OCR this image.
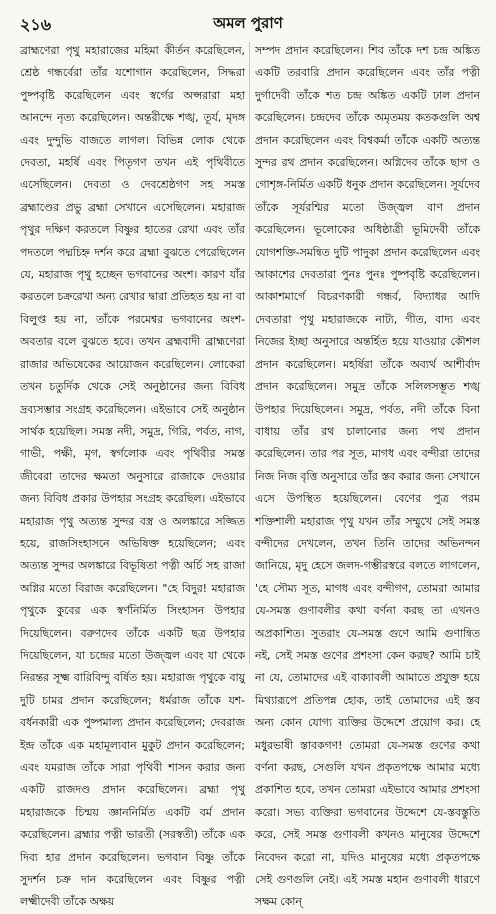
২১৬	অমল পুরাণ

ব্রাহ্মণেরা পৃথু মহারাজের মহিমা কীর্তন করেছিলেন, শ্রেষ্ঠ গন্ধর্বেরা তাঁর যশোগান করেছিলেন, সিদ্ধরা পুষ্পবৃষ্টি করেছিলেন এবং স্বর্গের অপ্সরারা মহা আনন্দে নৃত্য করেছিলেন। অন্তরীক্ষে শঙ্খ, তূর্য, মৃদঙ্গ এবং দুন্দুভি বাজতে লাগল। বিভিন্ন লোক থেকে দেবতা, মহর্ষি এবং পিতৃগণ তখন এই পৃথিবীতে এসেছিলেন। দেবতা ও দেবশ্রেষ্ঠগণ সহ সমস্ত ব্রহ্মাণ্ডের প্রভু ব্রহ্মা সেখানে এসেছিলেন। মহারাজ পৃথুর দক্ষিণ করতলে বিষ্ণুর হাতের রেখা এবং তাঁর পদতলে পদ্মচিহ্ন দর্শন করে ব্রহ্মা বুঝতে পেরেছিলেন যে, মহারাজ পৃথু হচ্ছেন ভগবানের অংশ। কারণ যাঁর করতলে চক্ররেখা অন্য রেখার দ্বারা প্রতিহত হয় না বা বিলুপ্ত হয় না, তাঁকে পরমেশ্বর ভগবানের অংশ-অবতার বলে বুঝতে হবে। তখন ব্রহ্মবাদী ব্রাহ্মণেরা রাজার অভিষেকের আয়োজন করেছিলেন। লোকেরা তখন চতুর্দিক থেকে সেই অনুষ্ঠানের জন্য বিবিধ দ্রব্যসম্ভার সংগ্রহ করেছিলেন। এইভাবে সেই অনুষ্ঠান সার্থক হয়েছিল। সমস্ত নদী, সমুদ্র, গিরি, পর্বত, নাগ, গাভী, পক্ষী, মৃগ, স্বর্গলোক এবং পৃথিবীর সমস্ত জীবেরা তাদের ক্ষমতা অনুসারে রাজাকে দেওয়ার জন্য বিবিধ প্রকার উপহার সংগ্রহ করেছিল। এইভাবে মহারাজ পৃথু অত্যন্ত সুন্দর বস্ত্র ও অলঙ্কারে সজ্জিত হয়ে, রাজসিংহাসনে অভিষিক্ত হয়েছিলেন; এবং অত্যন্ত সুন্দর অলঙ্কারে বিভূষিতা পত্নী অর্চি সহ রাজা অগ্নির মতো বিরাজ করেছিলেন। "হে বিদুর! মহারাজ পৃথুকে কুবের এক স্বর্ণনির্মিত সিংহাসন উপহার দিয়েছিলেন। বরুণদেব তাঁকে একটি ছত্র উপহার দিয়েছিলেন, যা চন্দ্রের মতো উজ্জ্বল এবং যা থেকে নিরন্তর সূক্ষ্ম বারিবিন্দু বর্ষিত হয়। মহারাজ পৃথুকে বায়ু দুটি চামর প্রদান করেছিলেন; ধর্মরাজ তাঁকে যশ-বর্ধনকারী এক পুষ্পমাল্য প্রদান করেছিলেন; দেবরাজ ইন্দ্র তাঁকে এক মহামূল্যবান মুকুট প্রদান করেছিলেন; এবং যমরাজ তাঁকে সারা পৃথিবী শাসন করার জন্য একটি রাজদণ্ড প্রদান করেছিলেন। ব্রহ্মা পৃথু মহারাজকে চিন্ময় জ্ঞাননির্মিত একটি বর্ম প্রদান করেছিলেন। ব্রহ্মার পত্নী ভারতী (সরস্বতী) তাঁকে এক দিব্য হার প্রদান করেছিলেন। ভগবান বিষ্ণু তাঁকে সুদর্শন চক্র দান করেছিলেন এবং বিষ্ণুর পত্নী লক্ষ্মীদেবী তাঁকে অক্ষয়

সম্পদ প্রদান করেছিলেন। শিব তাঁকে দশ চন্দ্র অঙ্কিত একটি তরবারি প্রদান করেছিলেন এবং তাঁর পত্নী দুর্গাদেবী তাঁকে শত চন্দ্র অঙ্কিত একটি ঢাল প্রদান করেছিলেন। চন্দ্রদেব তাঁকে অমৃতময় কতকগুলি অশ্ব প্রদান করেছিলেন এবং বিশ্বকর্মা তাঁকে একটি অত্যন্ত সুন্দর রথ প্রদান করেছিলেন। অগ্নিদেব তাঁকে ছাগ ও গোশৃঙ্গ-নির্মিত একটি ধনুক প্রদান করেছিলেন। সূর্যদেব তাঁকে সূর্যরশ্মির মতো উজ্জ্বল বাণ প্রদান করেছিলেন। ভূলোকের অধিষ্ঠাত্রী ভূমিদেবী তাঁকে যোগশক্তি-সমন্বিত দুটি পাদুকা প্রদান করেছিলেন এবং আকাশের দেবতারা পুনঃ পুনঃ পুষ্পবৃষ্টি করেছিলেন। আকাশমার্গে বিচরণকারী গন্ধর্ব, বিদ্যাধর আদি দেবতারা পৃথু মহারাজকে নাট্য, গীত, বাদ্য এবং নিজের ইচ্ছা অনুসারে অন্তর্হিত হয়ে যাওয়ার কৌশল প্রদান করেছিলেন। মহর্ষিরা তাঁকে অব্যর্থ আশীর্বাদ প্রদান করেছিলেন। সমুদ্র তাঁকে সলিলসম্ভূত শঙ্খ উপহার দিয়েছিলেন। সমুদ্র, পর্বত, নদী তাঁকে বিনা বাধায় তাঁর রথ চালানোর জন্য পথ প্রদান করেছিলেন। তার পর সূত, মাগধ এবং বন্দীরা তাদের নিজ নিজ বৃত্তি অনুসারে তাঁর স্তব করার জন্য সেখানে এসে উপস্থিত হয়েছিলেন। বেণের পুত্র পরম শক্তিশালী মহারাজ পৃথু যখন তাঁর সম্মুখে সেই সমস্ত বন্দীদের দেখলেন, তখন তিনি তাদের অভিনন্দন জানিয়ে, মৃদু হেসে জলদ-গম্ভীরস্বরে বলতে লাগলেন, 'হে সৌম্য সূত, মাগধ এবং বন্দীগণ, তোমরা আমার যে-সমস্ত গুণাবলীর কথা বর্ণনা করছ তা এখনও অপ্রকাশিত। সুতরাং যে-সমস্ত গুণে আমি গুণান্বিত নই, সেই সমস্ত গুণের প্রশংসা কেন করছ? আমি চাই না যে, তোমাদের এই বাক্যাবলী আমাতে প্রযুক্ত হয়ে মিথ্যারূপে প্রতিপন্ন হোক, তাই তোমাদের এই স্তব অন্য কোন যোগ্য ব্যক্তির উদ্দেশে প্রয়োগ কর। হে মধুরভাষী স্তাবকগণ! তোমরা যে-সমস্ত গুণের কথা বর্ণনা করছ, সেগুলি যখন প্রকৃতপক্ষে আমার মধ্যে প্রকাশিত হবে, তখন তোমরা এইভাবে আমার প্রশংসা করো। সভ্য ব্যক্তিরা ভগবানের উদ্দেশে যে-স্তবস্তুতি করে, সেই সমস্ত গুণাবলী কখনও মানুষের উদ্দেশে নিবেদন করো না, যদিও মানুষের মধ্যে প্রকৃতপক্ষে সেই গুণগুলি নেই। এই সমস্ত মহান গুণাবলী ধারণে সক্ষম কোন্
